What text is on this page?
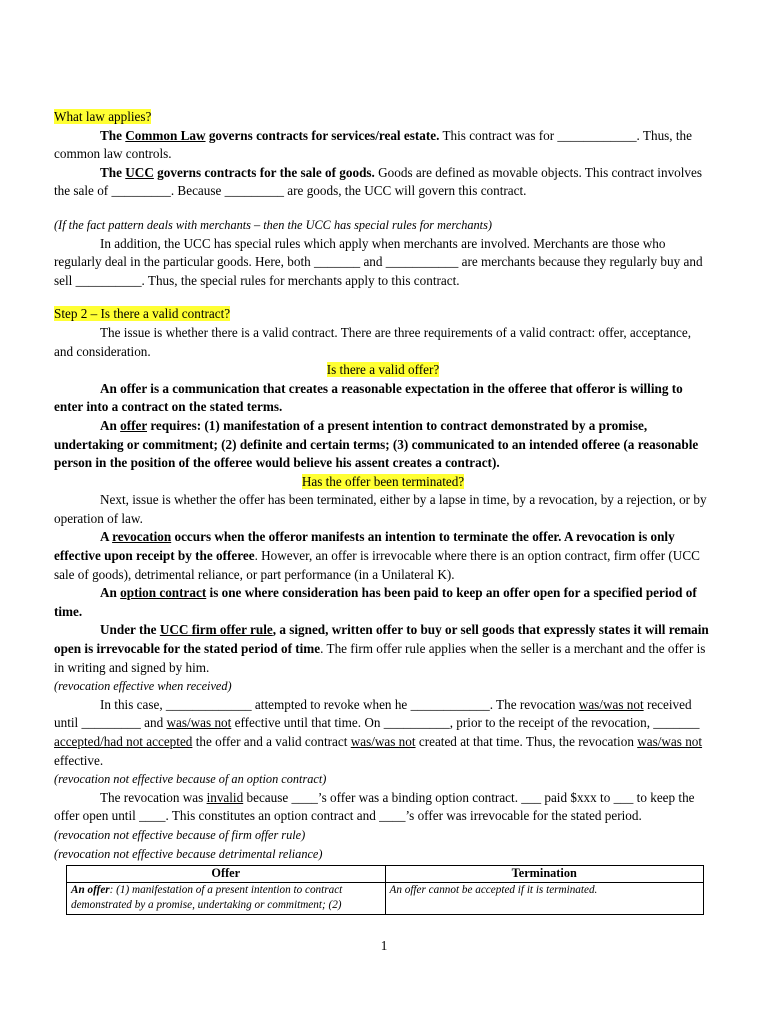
What law applies?

The Common Law governs contracts for services/real estate. This contract was for ____________. Thus, the common law controls.

The UCC governs contracts for the sale of goods. Goods are defined as movable objects. This contract involves the sale of _________. Because _________ are goods, the UCC will govern this contract.

(If the fact pattern deals with merchants – then the UCC has special rules for merchants)

In addition, the UCC has special rules which apply when merchants are involved. Merchants are those who regularly deal in the particular goods. Here, both _______ and ___________ are merchants because they regularly buy and sell __________. Thus, the special rules for merchants apply to this contract.

Step 2 – Is there a valid contract?

The issue is whether there is a valid contract. There are three requirements of a valid contract: offer, acceptance, and consideration.

Is there a valid offer?

An offer is a communication that creates a reasonable expectation in the offeree that offeror is willing to enter into a contract on the stated terms.

An offer requires: (1) manifestation of a present intention to contract demonstrated by a promise, undertaking or commitment; (2) definite and certain terms; (3) communicated to an intended offeree (a reasonable person in the position of the offeree would believe his assent creates a contract).

Has the offer been terminated?

Next, issue is whether the offer has been terminated, either by a lapse in time, by a revocation, by a rejection, or by operation of law.

A revocation occurs when the offeror manifests an intention to terminate the offer. A revocation is only effective upon receipt by the offeree. However, an offer is irrevocable where there is an option contract, firm offer (UCC sale of goods), detrimental reliance, or part performance (in a Unilateral K).

An option contract is one where consideration has been paid to keep an offer open for a specified period of time.

Under the UCC firm offer rule, a signed, written offer to buy or sell goods that expressly states it will remain open is irrevocable for the stated period of time. The firm offer rule applies when the seller is a merchant and the offer is in writing and signed by him.

(revocation effective when received)

In this case, _____________ attempted to revoke when he ____________. The revocation was/was not received until _________ and was/was not effective until that time. On __________, prior to the receipt of the revocation, _______ accepted/had not accepted the offer and a valid contract was/was not created at that time. Thus, the revocation was/was not effective.

(revocation not effective because of an option contract)

The revocation was invalid because ____’s offer was a binding option contract. ___ paid $xxx to ___ to keep the offer open until ____. This constitutes an option contract and ____’s offer was irrevocable for the stated period.

(revocation not effective because of firm offer rule)

(revocation not effective because detrimental reliance)

Offer	Termination
An offer: (1) manifestation of a present intention to contract demonstrated by a promise, undertaking or commitment; (2)	An offer cannot be accepted if it is terminated.
1
